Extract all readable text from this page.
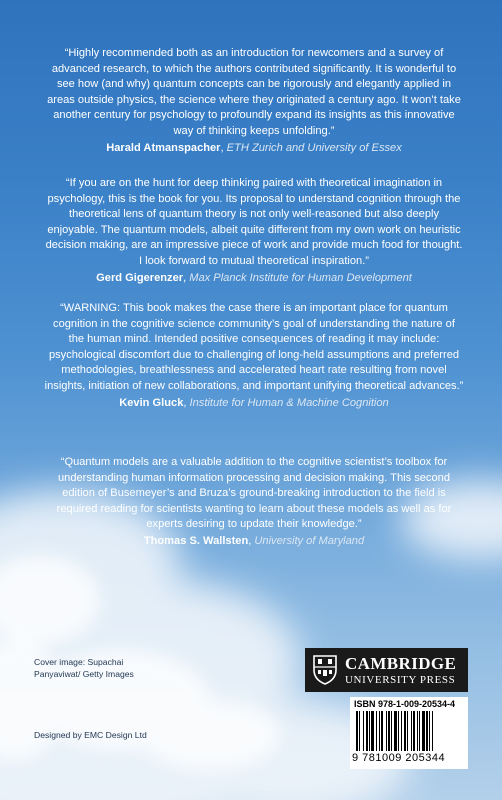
“Highly recommended both as an introduction for newcomers and a survey of advanced research, to which the authors contributed significantly. It is wonderful to see how (and why) quantum concepts can be rigorously and elegantly applied in areas outside physics, the science where they originated a century ago. It won’t take another century for psychology to profoundly expand its insights as this innovative way of thinking keeps unfolding.”

Harald Atmanspacher, ETH Zurich and University of Essex

“If you are on the hunt for deep thinking paired with theoretical imagination in psychology, this is the book for you. Its proposal to understand cognition through the theoretical lens of quantum theory is not only well-reasoned but also deeply enjoyable. The quantum models, albeit quite different from my own work on heuristic decision making, are an impressive piece of work and provide much food for thought. I look forward to mutual theoretical inspiration.”

Gerd Gigerenzer, Max Planck Institute for Human Development

“WARNING: This book makes the case there is an important place for quantum cognition in the cognitive science community’s goal of understanding the nature of the human mind. Intended positive consequences of reading it may include: psychological discomfort due to challenging of long-held assumptions and preferred methodologies, breathlessness and accelerated heart rate resulting from novel insights, initiation of new collaborations, and important unifying theoretical advances.”

Kevin Gluck, Institute for Human & Machine Cognition

“Quantum models are a valuable addition to the cognitive scientist’s toolbox for understanding human information processing and decision making. This second edition of Busemeyer’s and Bruza’s ground-breaking introduction to the field is required reading for scientists wanting to learn about these models as well as for experts desiring to update their knowledge.”

Thomas S. Wallsten, University of Maryland
Cover image: Supachai Panyaviwat/ Getty Images
Designed by EMC Design Ltd
CAMBRIDGE
UNIVERSITY PRESS
ISBN 978-1-009-20534-4
9 781009 205344
